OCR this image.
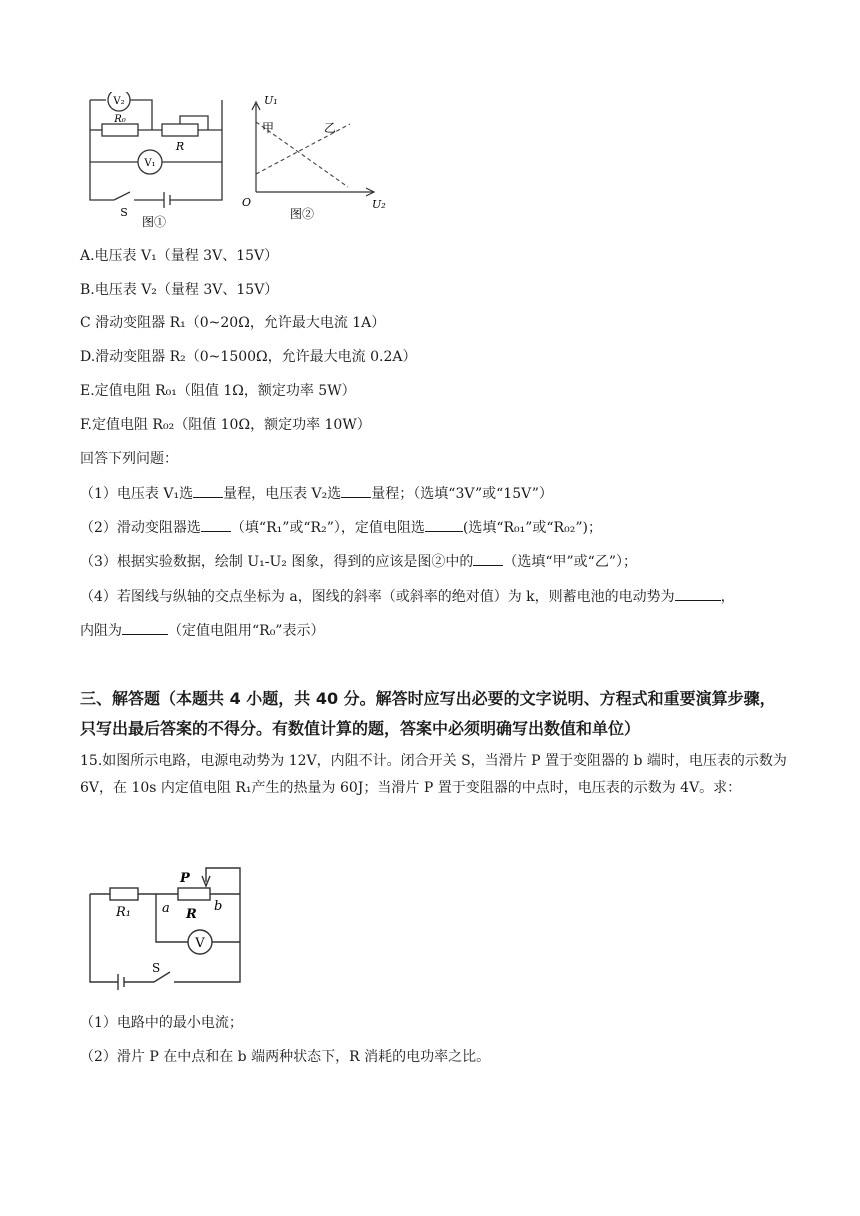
V₂
R₀
R
V₁
S
图①
U₁
U₂
O
甲	乙
图②
A.电压表 V₁（量程 3V、15V）
B.电压表 V₂（量程 3V、15V）
C 滑动变阻器 R₁（0~20Ω，允许最大电流 1A）
D.滑动变阻器 R₂（0~1500Ω，允许最大电流 0.2A）
E.定值电阻 R₀₁（阻值 1Ω，额定功率 5W）
F.定值电阻 R₀₂（阻值 10Ω，额定功率 10W）
回答下列问题：
（1）电压表 V₁选 量程，电压表 V₂选 量程；（选填“3V”或“15V”）
（2）滑动变阻器选 （填“R₁”或“R₂”），定值电阻选	(选填“R₀₁”或“R₀₂”)；
（3）根据实验数据，绘制 U₁-U₂ 图象，得到的应该是图②中的 （选填“甲”或“乙”）；
（4）若图线与纵轴的交点坐标为 a，图线的斜率（或斜率的绝对值）为 k，则蓄电池的电动势为	，
内阻为	（定值电阻用“R₀”表示）
三、解答题（本题共 4 小题，共 40 分。解答时应写出必要的文字说明、方程式和重要演算步骤，只写出最后答案的不得分。有数值计算的题，答案中必须明确写出数值和单位）
15.如图所示电路，电源电动势为 12V，内阻不计。闭合开关 S，当滑片 P 置于变阻器的 b 端时，电压表的示数为 6V，在 10s 内定值电阻 R₁产生的热量为 60J；当滑片 P 置于变阻器的中点时，电压表的示数为 4V。求：
P
R₁ a R
b
V
S
（1）电路中的最小电流；
（2）滑片 P 在中点和在 b 端两种状态下，R 消耗的电功率之比。
